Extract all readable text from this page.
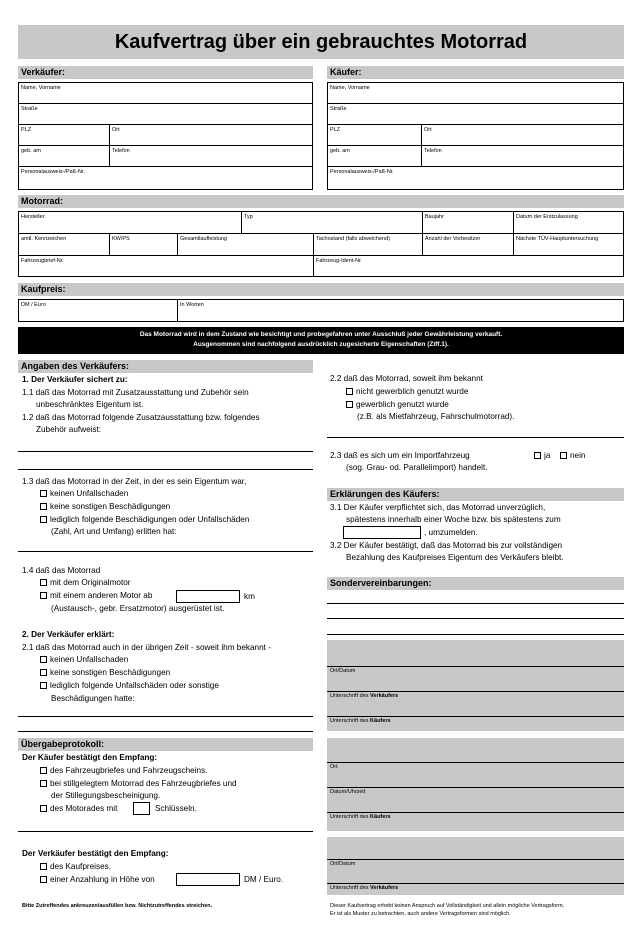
Kaufvertrag über ein gebrauchtes Motorrad
Verkäufer:
Name, Vorname
Straße
PLZ	Ort
geb. am	Telefon
Personalausweis-/Paß-Nr.
Käufer:
Name, Vorname
Straße
PLZ	Ort
geb. am	Telefon
Personalausweis-/Paß-Nr.
Motorrad:
Hersteller	Typ	Baujahr	Datum der Erstzulassung
amtl. Kennzeichen	KW/PS	Gesamtlaufleistung	Tachostand (falls abweichend)	Anzahl der Vorbesitzer	Nächste TÜV-Hauptuntersuchung
Fahrzeugbrief-Nr.	Fahrzeug-Ident-Nr.
Kaufpreis:
DM / Euro	In Worten
Das Motorrad wird in dem Zustand wie besichtigt und probegefahren unter Ausschluß jeder Gewährleistung verkauft.
Ausgenommen sind nachfolgend ausdrücklich zugesicherte Eigenschaften (Ziff.1).
Angaben des Verkäufers:
1. Der Verkäufer sichert zu:
1.1 daß das Motorrad mit Zusatzausstattung und Zubehör sein
unbeschränktes Eigentum ist.
1.2 daß das Motorrad folgende Zusatzausstattung bzw. folgendes
Zubehör aufweist:
1.3 daß das Motorrad in der Zeit, in der es sein Eigentum war,
keinen Unfallschaden
keine sonstigen Beschädigungen
lediglich folgende Beschädigungen oder Unfallschäden
(Zahl, Art und Umfang) erlitten hat:
1.4 daß das Motorrad
mit dem Originalmotor
mit einem anderen Motor ab	km
(Austausch-, gebr. Ersatzmotor) ausgerüstet ist.
2. Der Verkäufer erklärt:
2.1 daß das Motorrad auch in der übrigen Zeit - soweit ihm bekannt -
keinen Unfallschaden
keine sonstigen Beschädigungen
lediglich folgende Unfallschäden oder sonstige
Beschädigungen hatte:
2.2 daß das Motorrad, soweit ihm bekannt
nicht gewerblich genutzt wurde
gewerblich genutzt wurde
(z.B. als Mietfahrzeug, Fahrschulmotorrad).
2.3 daß es sich um ein Importfahrzeug	ja	nein
(sog. Grau- od. Parallelimport) handelt.
Erklärungen des Käufers:
3.1 Der Käufer verpflichtet sich, das Motorrad unverzüglich,
spätestens innerhalb einer Woche bzw. bis spätestens zum
, umzumelden.
3.2 Der Käufer bestätigt, daß das Motorrad bis zur vollständigen
Bezahlung des Kaufpreises Eigentum des Verkäufers bleibt.
Sondervereinbarungen:
Ort/Datum
Unterschrift des Verkäufers
Unterschrift des Käufers
Übergabeprotokoll:
Der Käufer bestätigt den Empfang:
des Fahrzeugbriefes und Fahrzeugscheins.
bei stillgelegtem Motorrad des Fahrzeugbriefes und
der Stillegungsbescheinigung.
des Motorades mit	Schlüsseln.
Der Verkäufer bestätigt den Empfang:
des Kaufpreises.
einer Anzahlung in Höhe von	DM / Euro.
Ort
Datum/Uhrzeit
Unterschrift des Käufers
Ort/Datum
Unterschrift des Verkäufers
Bitte Zutreffendes ankreuzen/ausfüllen bzw. Nichtzutreffendes streichen.	Dieser Kaufvertrag erhebt keinen Anspruch auf Vollständigkeit und allein mögliche Vertragsform.
Er ist als Muster zu betrachten, auch andere Vertragsformen sind möglich.
